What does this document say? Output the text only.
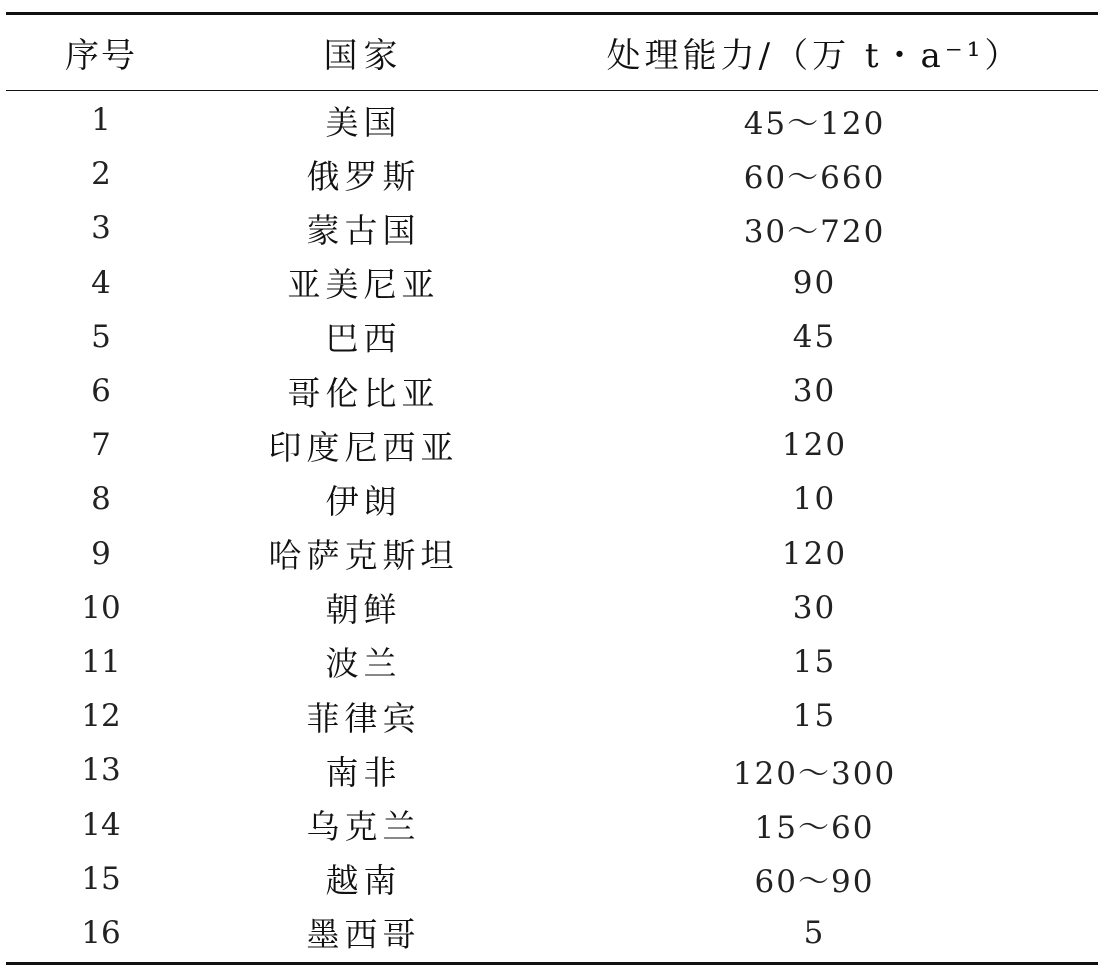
序号	国家	处理能力/（万 t・a⁻¹）
1	美国	45～120
2	俄罗斯	60～660
3	蒙古国	30～720
4	亚美尼亚	90
5	巴西	45
6	哥伦比亚	30
7	印度尼西亚	120
8	伊朗	10
9	哈萨克斯坦	120
10	朝鲜	30
11	波兰	15
12	菲律宾	15
13	南非	120～300
14	乌克兰	15～60
15	越南	60～90
16	墨西哥	5
